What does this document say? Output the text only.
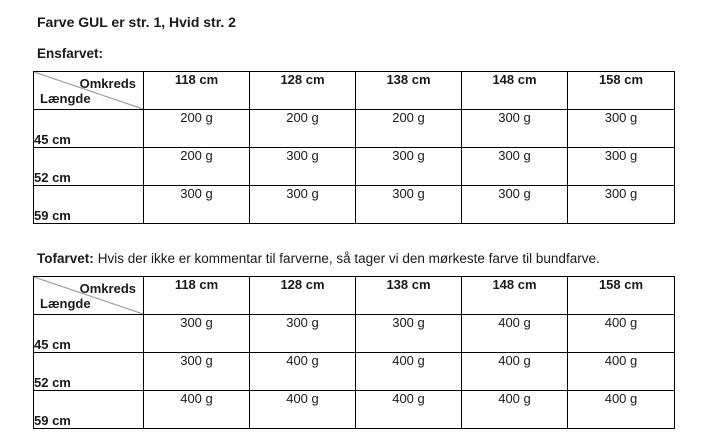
Farve GUL er str. 1, Hvid str. 2
Ensfarvet:
Omkreds
Længde	118 cm	128 cm	138 cm	148 cm	158 cm
45 cm	200 g	200 g	200 g	300 g	300 g
52 cm	200 g	300 g	300 g	300 g	300 g
59 cm	300 g	300 g	300 g	300 g	300 g
Tofarvet: Hvis der ikke er kommentar til farverne, så tager vi den mørkeste farve til bundfarve.
Omkreds
Længde	118 cm	128 cm	138 cm	148 cm	158 cm
45 cm	300 g	300 g	300 g	400 g	400 g
52 cm	300 g	400 g	400 g	400 g	400 g
59 cm	400 g	400 g	400 g	400 g	400 g
